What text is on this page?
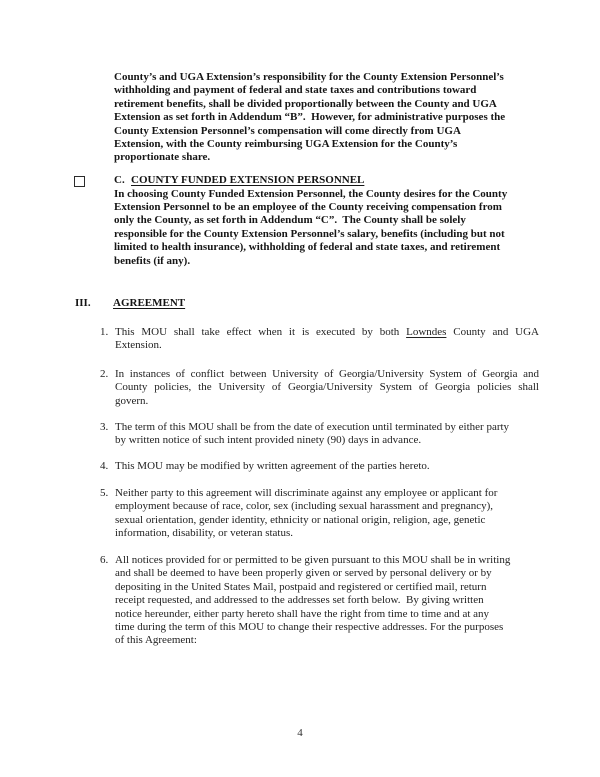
County’s and UGA Extension’s responsibility for the County Extension Personnel’s
withholding and payment of federal and state taxes and contributions toward
retirement benefits, shall be divided proportionally between the County and UGA
Extension as set forth in Addendum “B”.  However, for administrative purposes the
County Extension Personnel’s compensation will come directly from UGA
Extension, with the County reimbursing UGA Extension for the County’s
proportionate share.
C. COUNTY FUNDED EXTENSION PERSONNEL
In choosing County Funded Extension Personnel, the County desires for the County
Extension Personnel to be an employee of the County receiving compensation from
only the County, as set forth in Addendum “C”.  The County shall be solely
responsible for the County Extension Personnel’s salary, benefits (including but not
limited to health insurance), withholding of federal and state taxes, and retirement
benefits (if any).
III.	AGREEMENT
1. This MOU shall take effect when it is executed by both Lowndes County and UGA
Extension.
2. In instances of conflict between University of Georgia/University System of Georgia and
County policies, the University of Georgia/University System of Georgia policies shall
govern.
3. The term of this MOU shall be from the date of execution until terminated by either party
by written notice of such intent provided ninety (90) days in advance.
4. This MOU may be modified by written agreement of the parties hereto.
5. Neither party to this agreement will discriminate against any employee or applicant for
employment because of race, color, sex (including sexual harassment and pregnancy),
sexual orientation, gender identity, ethnicity or national origin, religion, age, genetic
information, disability, or veteran status.
6. All notices provided for or permitted to be given pursuant to this MOU shall be in writing
and shall be deemed to have been properly given or served by personal delivery or by
depositing in the United States Mail, postpaid and registered or certified mail, return
receipt requested, and addressed to the addresses set forth below.  By giving written
notice hereunder, either party hereto shall have the right from time to time and at any
time during the term of this MOU to change their respective addresses. For the purposes
of this Agreement:
4
